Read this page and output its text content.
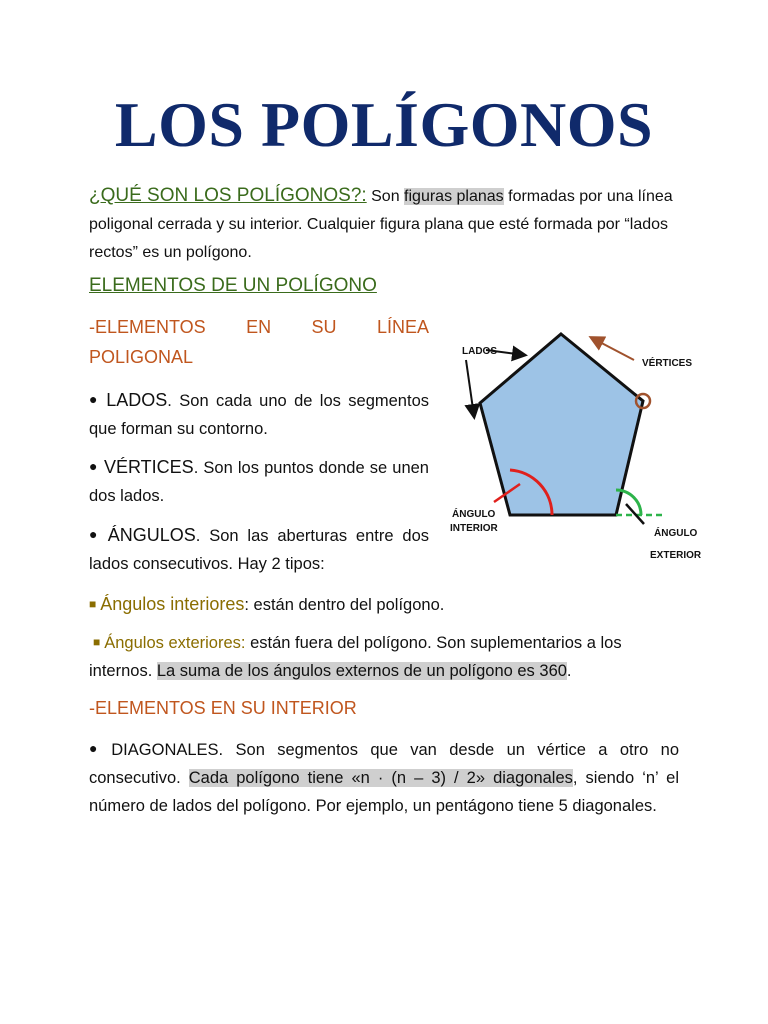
LOS POLÍGONOS
¿QUÉ SON LOS POLÍGONOS?: Son figuras planas formadas por una línea poligonal cerrada y su interior. Cualquier figura plana que esté formada por “lados rectos” es un polígono.
ELEMENTOS DE UN POLÍGONO
-ELEMENTOS EN SU LÍNEA POLIGONAL
● LADOS. Son cada uno de los segmentos que forman su contorno.
● VÉRTICES. Son los puntos donde se unen dos lados.
● ÁNGULOS. Son las aberturas entre dos lados consecutivos. Hay 2 tipos:
■ Ángulos interiores: están dentro del polígono.
■ Ángulos exteriores: están fuera del polígono. Son suplementarios a los internos. La suma de los ángulos externos de un polígono es 360.
-ELEMENTOS EN SU INTERIOR
● DIAGONALES. Son segmentos que van desde un vértice a otro no consecutivo. Cada polígono tiene «n · (n – 3) / 2» diagonales, siendo ‘n’ el número de lados del polígono. Por ejemplo, un pentágono tiene 5 diagonales.
LADOS
VÉRTICES
ÁNGULO
INTERIOR	ÁNGULO
EXTERIOR
